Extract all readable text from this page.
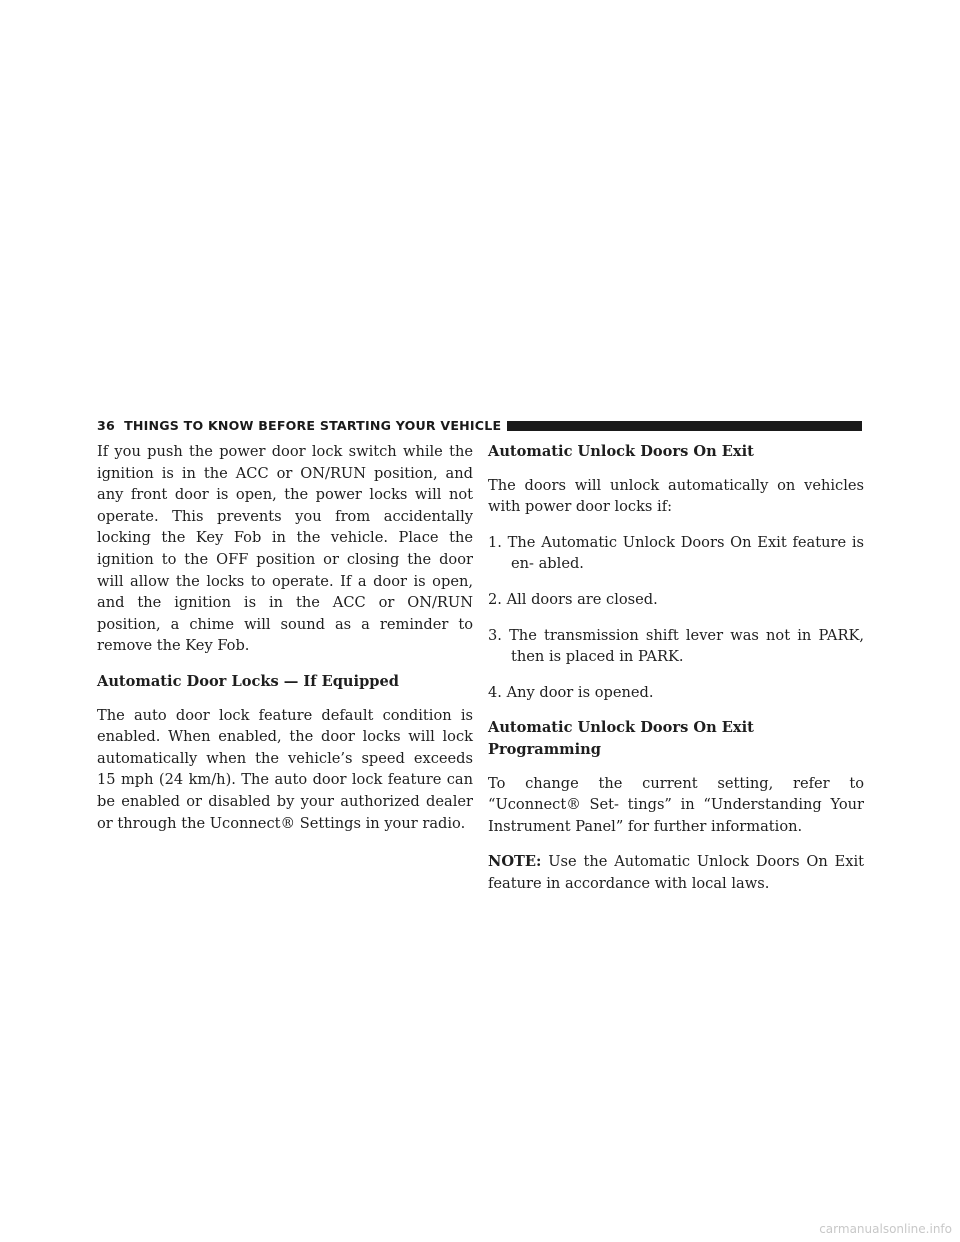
36
THINGS TO KNOW BEFORE STARTING YOUR VEHICLE

If you push the power door lock switch while the ignition is in the ACC or ON/RUN position, and any front door is open, the power locks will not operate. This prevents you from accidentally locking the Key Fob in the vehicle. Place the ignition to the OFF position or closing the door will allow the locks to operate. If a door is open, and the ignition is in the ACC or ON/RUN position, a chime will sound as a reminder to remove the Key Fob.

Automatic Door Locks — If Equipped

The auto door lock feature default condition is enabled. When enabled, the door locks will lock automatically when the vehicle’s speed exceeds 15 mph (24 km/h). The auto door lock feature can be enabled or disabled by your authorized dealer or through the Uconnect® Settings in your radio.

Automatic Unlock Doors On Exit

The doors will unlock automatically on vehicles with power door locks if:

1. The Automatic Unlock Doors On Exit feature is en- abled.
2. All doors are closed.
3. The transmission shift lever was not in PARK, then is placed in PARK.
4. Any door is opened.
Automatic Unlock Doors On Exit Programming

To change the current setting, refer to “Uconnect® Set- tings” in “Understanding Your Instrument Panel” for further information.

NOTE: Use the Automatic Unlock Doors On Exit feature in accordance with local laws.

carmanualsonline.info
